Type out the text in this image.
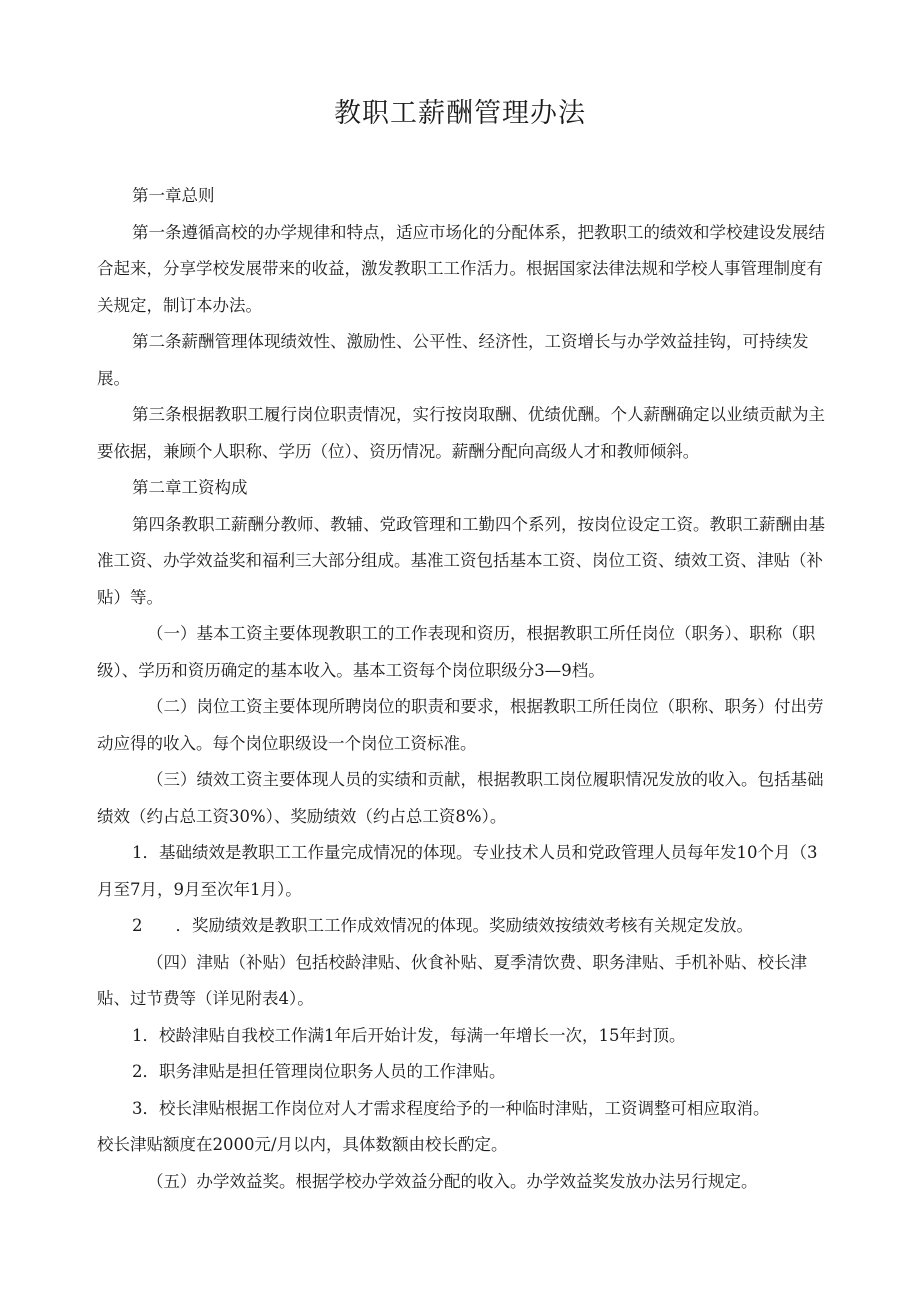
教职工薪酬管理办法

第一章总则

第一条遵循高校的办学规律和特点，适应市场化的分配体系，把教职工的绩效和学校建设发展结合起来，分享学校发展带来的收益，激发教职工工作活力。根据国家法律法规和学校人事管理制度有关规定，制订本办法。

第二条薪酬管理体现绩效性、激励性、公平性、经济性，工资增长与办学效益挂钩，可持续发展。

第三条根据教职工履行岗位职责情况，实行按岗取酬、优绩优酬。个人薪酬确定以业绩贡献为主要依据，兼顾个人职称、学历（位）、资历情况。薪酬分配向高级人才和教师倾斜。

第二章工资构成

第四条教职工薪酬分教师、教辅、党政管理和工勤四个系列，按岗位设定工资。教职工薪酬由基准工资、办学效益奖和福利三大部分组成。基准工资包括基本工资、岗位工资、绩效工资、津贴（补贴）等。

（一）基本工资主要体现教职工的工作表现和资历，根据教职工所任岗位（职务）、职称（职级）、学历和资历确定的基本收入。基本工资每个岗位职级分3—9档。

（二）岗位工资主要体现所聘岗位的职责和要求，根据教职工所任岗位（职称、职务）付出劳动应得的收入。每个岗位职级设一个岗位工资标准。

（三）绩效工资主要体现人员的实绩和贡献，根据教职工岗位履职情况发放的收入。包括基础绩效（约占总工资30%）、奖励绩效（约占总工资8%）。

1．基础绩效是教职工工作量完成情况的体现。专业技术人员和党政管理人员每年发10个月（3月至7月，9月至次年1月）。

2　　．奖励绩效是教职工工作成效情况的体现。奖励绩效按绩效考核有关规定发放。

（四）津贴（补贴）包括校龄津贴、伙食补贴、夏季清饮费、职务津贴、手机补贴、校长津贴、过节费等（详见附表4）。

1．校龄津贴自我校工作满1年后开始计发，每满一年增长一次，15年封顶。

2．职务津贴是担任管理岗位职务人员的工作津贴。

3．校长津贴根据工作岗位对人才需求程度给予的一种临时津贴，工资调整可相应取消。

校长津贴额度在2000元/月以内，具体数额由校长酌定。

（五）办学效益奖。根据学校办学效益分配的收入。办学效益奖发放办法另行规定。
